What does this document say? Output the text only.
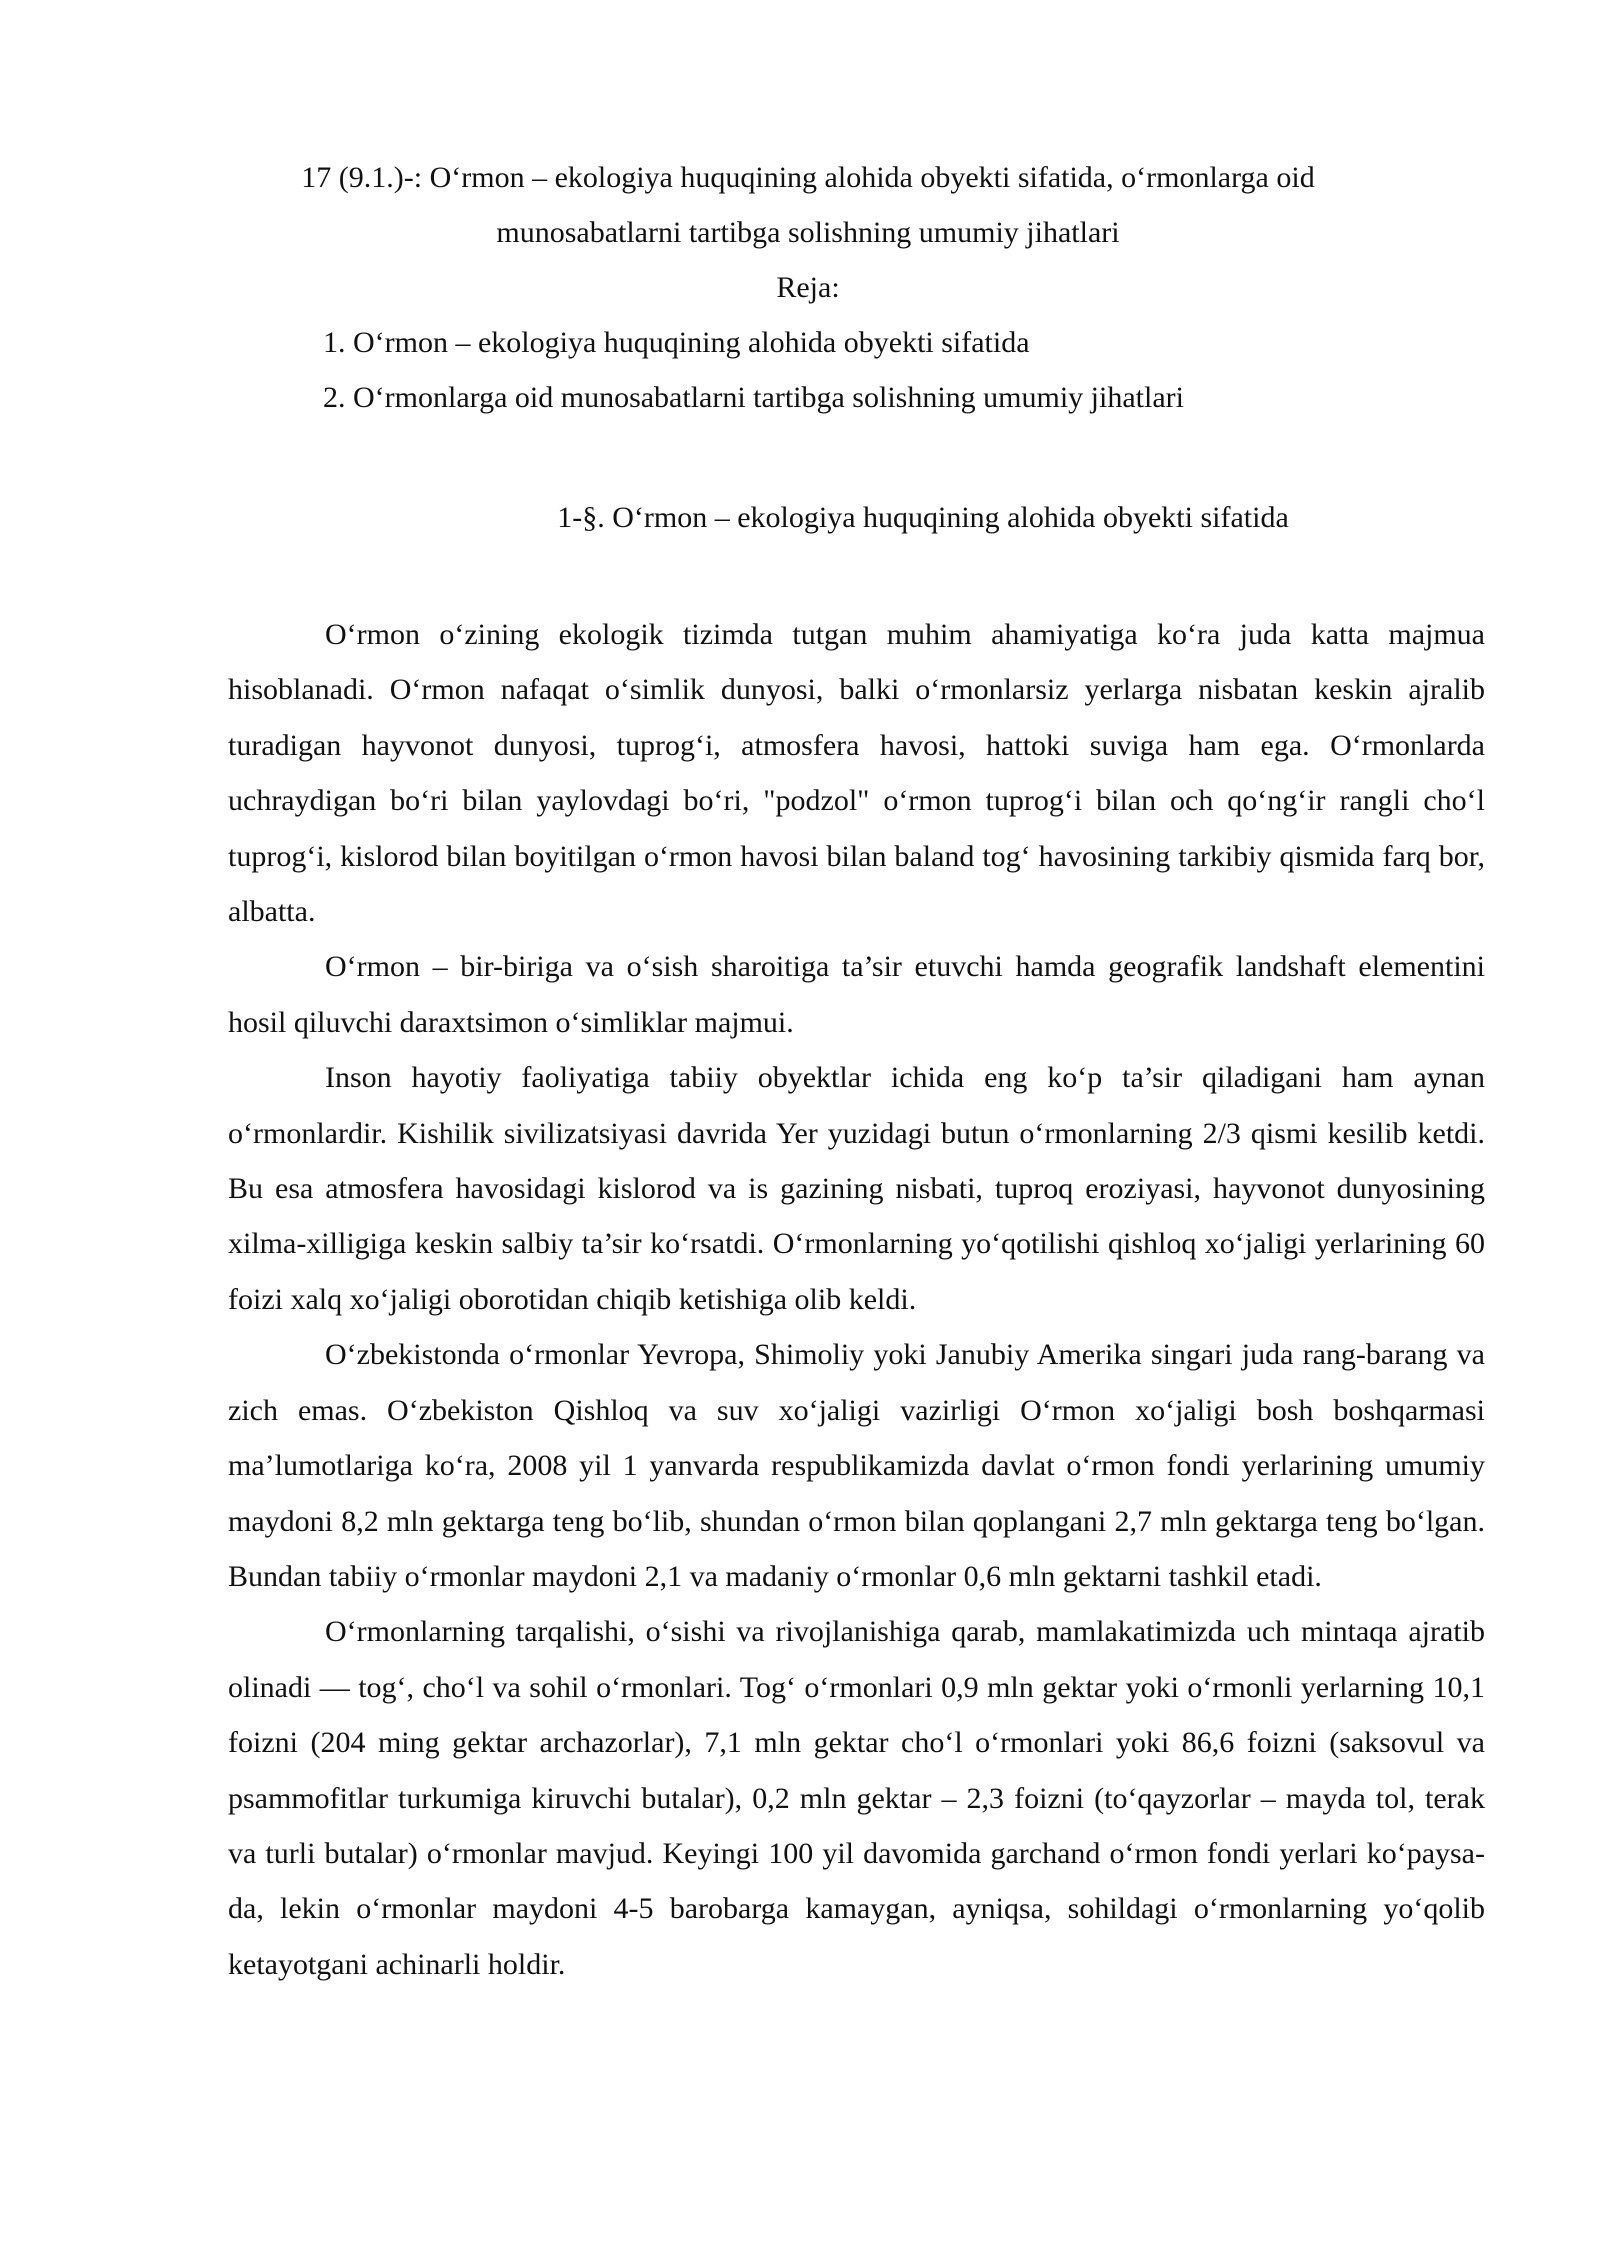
17 (9.1.)-: O‘rmon – ekologiya huquqining alohida obyekti sifatida, o‘rmonlarga oid
munosabatlarni tartibga solishning umumiy jihatlari
Reja:
1. O‘rmon – ekologiya huquqining alohida obyekti sifatida
2. O‘rmonlarga oid munosabatlarni tartibga solishning umumiy jihatlari
1-§. O‘rmon – ekologiya huquqining alohida obyekti sifatida

O‘rmon o‘zining ekologik tizimda tutgan muhim ahamiyatiga ko‘ra juda katta majmua hisoblanadi. O‘rmon nafaqat o‘simlik dunyosi, balki o‘rmonlarsiz yerlarga nisbatan keskin ajralib turadigan hayvonot dunyosi, tuprog‘i, atmosfera havosi, hattoki suviga ham ega. O‘rmonlarda uchraydigan bo‘ri bilan yaylovdagi bo‘ri, "podzol" o‘rmon tuprog‘i bilan och qo‘ng‘ir rangli cho‘l tuprog‘i, kislorod bilan boyitilgan o‘rmon havosi bilan baland tog‘ havosining tarkibiy qismida farq bor, albatta.

O‘rmon – bir-biriga va o‘sish sharoitiga ta’sir etuvchi hamda geografik landshaft elementini hosil qiluvchi daraxtsimon o‘simliklar majmui.

Inson hayotiy faoliyatiga tabiiy obyektlar ichida eng ko‘p ta’sir qiladigani ham aynan o‘rmonlardir. Kishilik sivilizatsiyasi davrida Yer yuzidagi butun o‘rmonlarning 2/3 qismi kesilib ketdi. Bu esa atmosfera havosidagi kislorod va is gazining nisbati, tuproq eroziyasi, hayvonot dunyosining xilma-xilligiga keskin salbiy ta’sir ko‘rsatdi. O‘rmonlarning yo‘qotilishi qishloq xo‘jaligi yerlarining 60 foizi xalq xo‘jaligi oborotidan chiqib ketishiga olib keldi.

O‘zbekistonda o‘rmonlar Yevropa, Shimoliy yoki Janubiy Amerika singari juda rang-barang va zich emas. O‘zbekiston Qishloq va suv xo‘jaligi vazirligi O‘rmon xo‘jaligi bosh boshqarmasi ma’lumotlariga ko‘ra, 2008 yil 1 yanvarda respublikamizda davlat o‘rmon fondi yerlarining umumiy maydoni 8,2 mln gektarga teng bo‘lib, shundan o‘rmon bilan qoplangani 2,7 mln gektarga teng bo‘lgan. Bundan tabiiy o‘rmonlar maydoni 2,1 va madaniy o‘rmonlar 0,6 mln gektarni tashkil etadi.

O‘rmonlarning tarqalishi, o‘sishi va rivojlanishiga qarab, mamlakatimizda uch mintaqa ajratib olinadi — tog‘, cho‘l va sohil o‘rmonlari. Tog‘ o‘rmonlari 0,9 mln gektar yoki o‘rmonli yerlarning 10,1 foizni (204 ming gektar archazorlar), 7,1 mln gektar cho‘l o‘rmonlari yoki 86,6 foizni (saksovul va psammofitlar turkumiga kiruvchi butalar), 0,2 mln gektar – 2,3 foizni (to‘qayzorlar – mayda tol, terak va turli butalar) o‘rmonlar mavjud. Keyingi 100 yil davomida garchand o‘rmon fondi yerlari ko‘paysa-da, lekin o‘rmonlar maydoni 4-5 barobarga kamaygan, ayniqsa, sohildagi o‘rmonlarning yo‘qolib ketayotgani achinarli holdir.
